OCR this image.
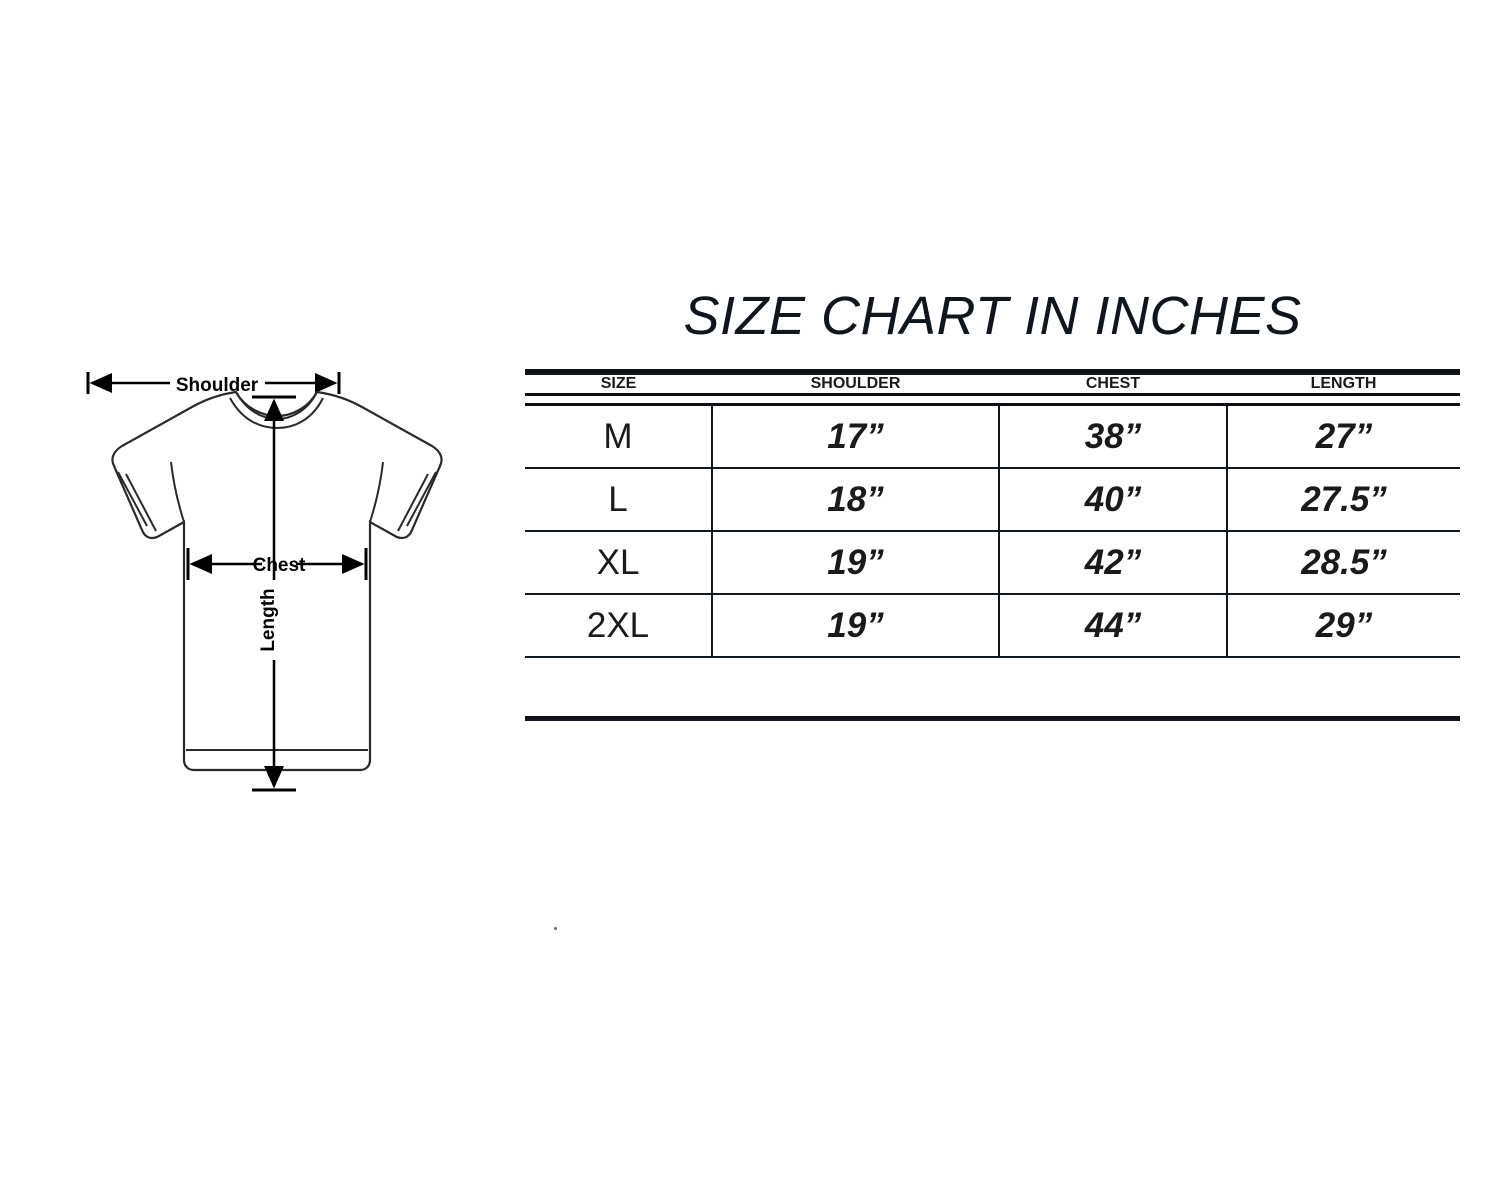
Shoulder
Chest
Length
SIZE CHART IN INCHES

SIZE	SHOULDER	CHEST	LENGTH

M	17”	38”	27”
L	18”	40”	27.5”
XL	19”	42”	28.5”
2XL	19”	44”	29”
